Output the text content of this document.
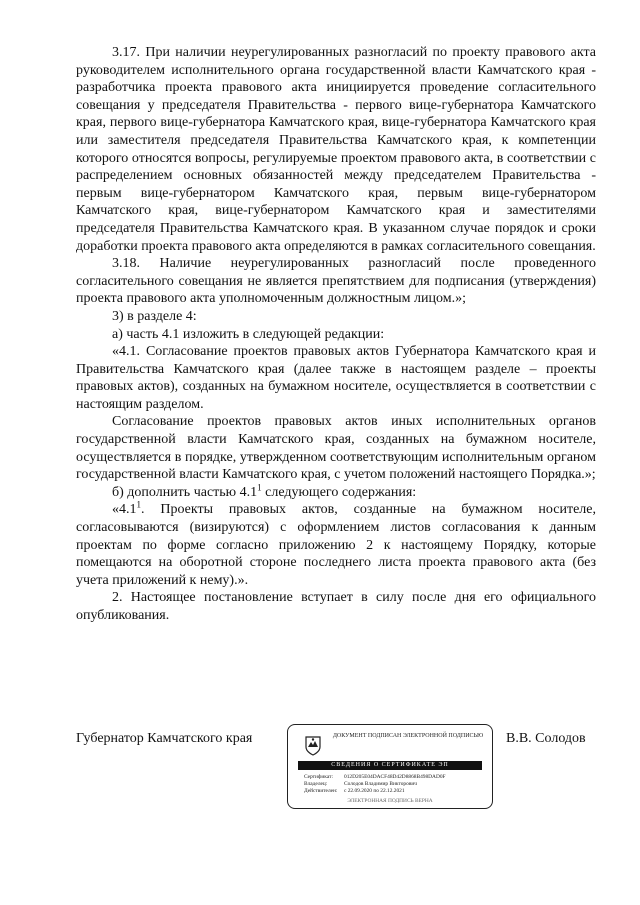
3.17. При наличии неурегулированных разногласий по проекту правового акта руководителем исполнительного органа государственной власти Камчатского края - разработчика проекта правового акта инициируется проведение согласительного совещания у председателя Правительства - первого вице-губернатора Камчатского края, первого вице-губернатора Камчатского края, вице-губернатора Камчатского края или заместителя председателя Правительства Камчатского края, к компетенции которого относятся вопросы, регулируемые проектом правового акта, в соответствии с распределением основных обязанностей между председателем Правительства - первым вице-губернатором Камчатского края, первым вице-губернатором Камчатского края, вице-губернатором Камчатского края и заместителями председателя Правительства Камчатского края. В указанном случае порядок и сроки доработки проекта правового акта определяются в рамках согласительного совещания.

3.18. Наличие неурегулированных разногласий после проведенного согласительного совещания не является препятствием для подписания (утверждения) проекта правового акта уполномоченным должностным лицом.»;

3) в разделе 4:

а) часть 4.1 изложить в следующей редакции:

«4.1. Согласование проектов правовых актов Губернатора Камчатского края и Правительства Камчатского края (далее также в настоящем разделе – проекты правовых актов), созданных на бумажном носителе, осуществляется в соответствии с настоящим разделом.

Согласование проектов правовых актов иных исполнительных органов государственной власти Камчатского края, созданных на бумажном носителе, осуществляется в порядке, утвержденном соответствующим исполнительным органом государственной власти Камчатского края, с учетом положений настоящего Порядка.»;

б) дополнить частью $4.1^1$ следующего содержания:

«$4.1^1$. Проекты правовых актов, созданные на бумажном носителе, согласовываются (визируются) с оформлением листов согласования к данным проектам по форме согласно приложению 2 к настоящему Порядку, которые помещаются на оборотной стороне последнего листа проекта правового акта (без учета приложений к нему).».

2. Настоящее постановление вступает в силу после дня его официального опубликования.

Губернатор Камчатского края	В.В. Солодов
ДОКУМЕНТ ПОДПИСАН ЭЛЕКТРОННОЙ ПОДПИСЬЮ
СВЕДЕНИЯ О СЕРТИФИКАТЕ ЭП
Сертификат: 012D205E04DACF48D42D8868B498DAD0F
Владелец:	Солодов Владимир Викторович
Действителен: с 22.09.2020 по 22.12.2021
ЭЛЕКТРОННАЯ ПОДПИСЬ ВЕРНА
